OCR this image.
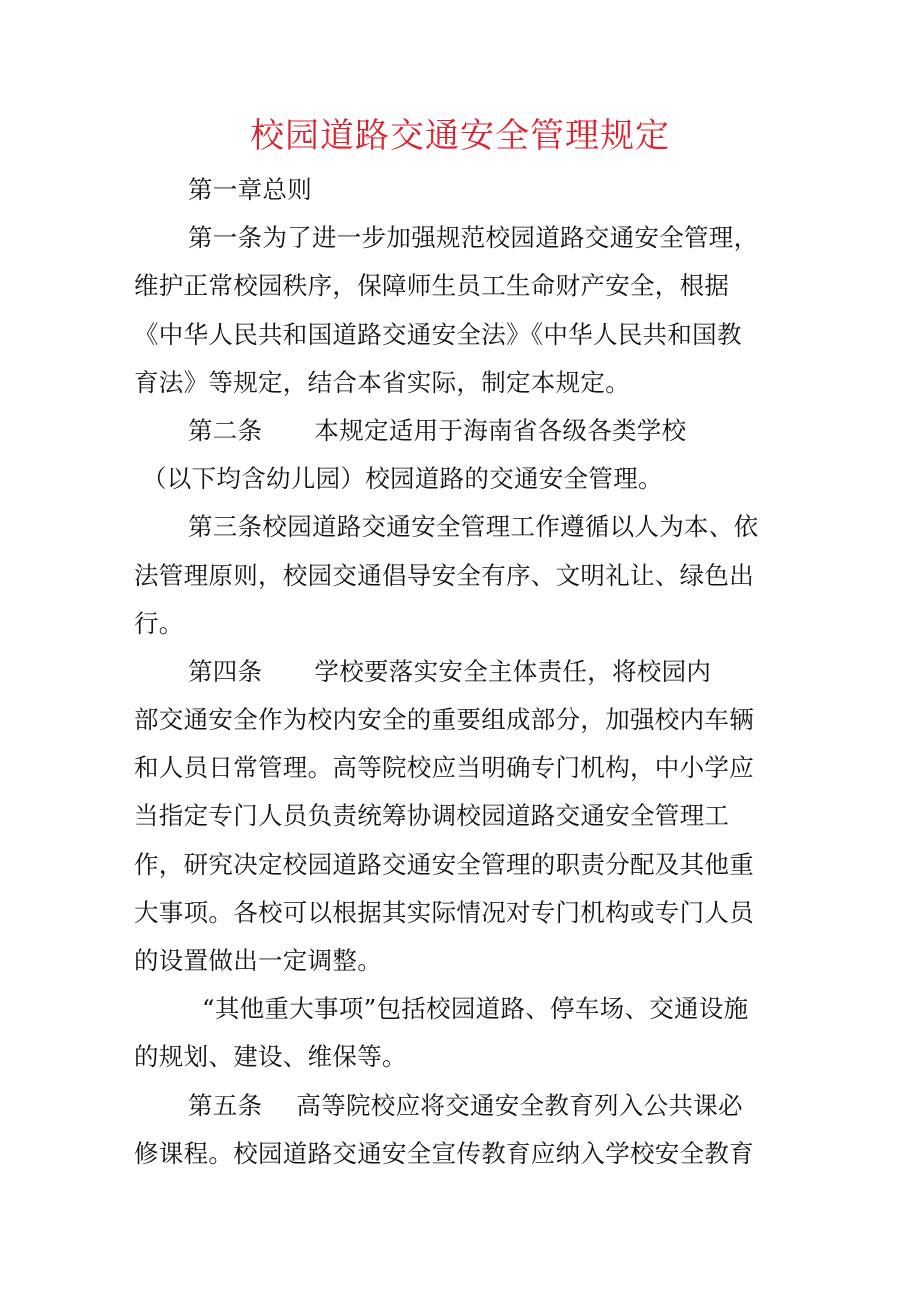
校园道路交通安全管理规定
第一章总则
第一条为了进一步加强规范校园道路交通安全管理，
维护正常校园秩序，保障师生员工生命财产安全，根据
《中华人民共和国道路交通安全法》《中华人民共和国教
育法》等规定，结合本省实际，制定本规定。
第二条 本规定适用于海南省各级各类学校
（以下均含幼儿园）校园道路的交通安全管理。
第三条校园道路交通安全管理工作遵循以人为本、依
法管理原则，校园交通倡导安全有序、文明礼让、绿色出
行。
第四条 学校要落实安全主体责任，将校园内
部交通安全作为校内安全的重要组成部分，加强校内车辆
和人员日常管理。高等院校应当明确专门机构，中小学应
当指定专门人员负责统筹协调校园道路交通安全管理工
作，研究决定校园道路交通安全管理的职责分配及其他重
大事项。各校可以根据其实际情况对专门机构或专门人员
的设置做出一定调整。
“其他重大事项”包括校园道路、停车场、交通设施
的规划、建设、维保等。
第五条 高等院校应将交通安全教育列入公共课必
修课程。校园道路交通安全宣传教育应纳入学校安全教育
